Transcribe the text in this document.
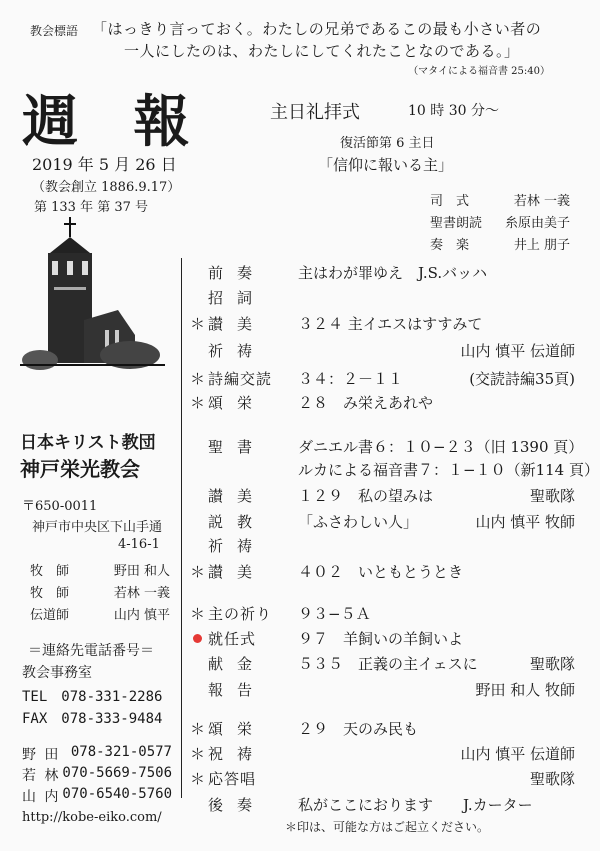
教会標語 「はっきり言っておく。わたしの兄弟であるこの最も小さい者の
一人にしたのは、わたしにしてくれたことなのである。」
（マタイによる福音書 25:40）
週 報
2019 年 5 月 26 日
（教会創立 1886.9.17）
第 133 年 第 37 号
主日礼拝式	10 時 30 分～
復活節第 6 主日
「信仰に報いる主」
司　式	若林 一義
聖書朗読 糸原由美子
奏　楽	井上 朋子
日本キリスト教団
神戸栄光教会
〒650-0011
神戸市中央区下山手通
4-16-1
牧　師	野田 和人
牧　師	若林 一義
伝道師	山内 慎平
＝連絡先電話番号＝
教会事務室
TEL　078-331-2286
FAX　078-333-9484
野 田 078-321-0577
若 林 070-5669-7506
山 内 070-6540-5760
http://kobe-eiko.com/
前奏 主はわが罪ゆえ　J.S.バッハ
招詞
＊ 讃美 ３２４ 主イエスはすすみて
祈祷	山内 慎平 伝道師
＊ 詩編交読 ３４：２－１１	(交読詩編35頁)
＊ 頌栄 ２８　み栄えあれや
聖書 ダニエル書６：１０−２３（旧 1390 頁）
ルカによる福音書７：１−１０（新114 頁）
讃美 １２９　私の望みは	聖歌隊
説教 「ふさわしい人」	山内 慎平 牧師
祈祷
＊ 讃美 ４０２　いともとうとき
＊ 主の祈り ９３−５Ａ
就任式	９７　羊飼いの羊飼いよ
献金 ５３５　正義の主イェスに	聖歌隊
報告	野田 和人 牧師
＊ 頌栄 ２９　天のみ民も
＊ 祝祷	山内 慎平 伝道師
＊ 応答唱	聖歌隊
後奏 私がここにおります　　J.カーター
＊印は、可能な方はご起立ください。
